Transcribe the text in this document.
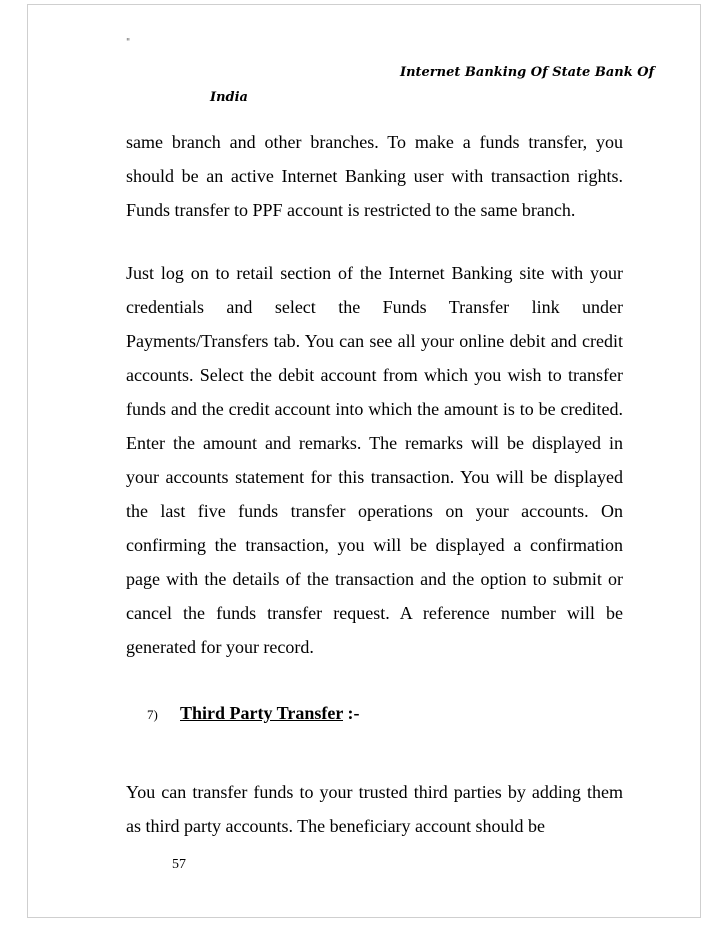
"
Internet Banking Of State Bank Of
India

same branch and other branches. To make a funds transfer, you should be an active Internet Banking user with transaction rights. Funds transfer to PPF account is restricted to the same branch.

Just log on to retail section of the Internet Banking site with your credentials and select the Funds Transfer link under Payments/Transfers tab. You can see all your online debit and credit accounts. Select the debit account from which you wish to transfer funds and the credit account into which the amount is to be credited. Enter the amount and remarks. The remarks will be displayed in your accounts statement for this transaction. You will be displayed the last five funds transfer operations on your accounts. On confirming the transaction, you will be displayed a confirmation page with the details of the transaction and the option to submit or cancel the funds transfer request. A reference number will be generated for your record.

7) Third Party Transfer :-

You can transfer funds to your trusted third parties by adding them as third party accounts. The beneficiary account should be

57
